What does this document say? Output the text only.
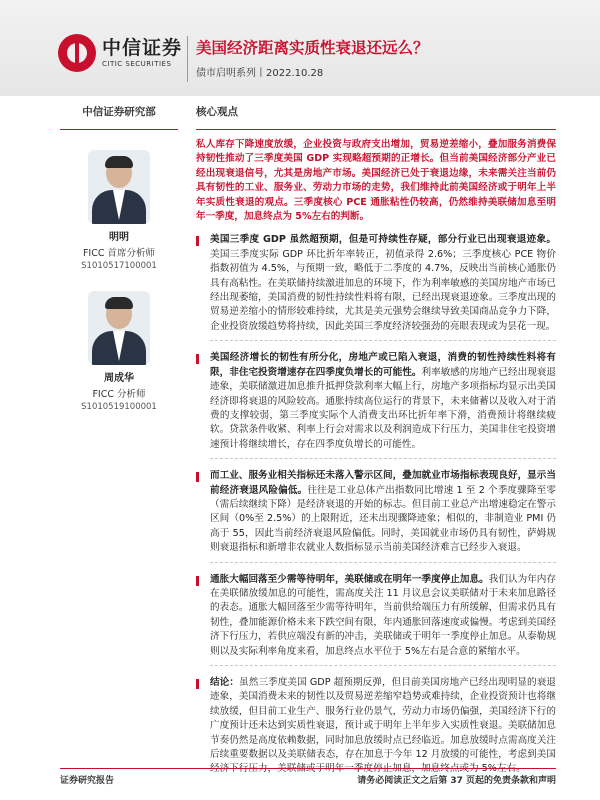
中信证券
CITIC SECURITIES
美国经济距离实质性衰退还远么？
债市启明系列丨2022.10.28
中信证券研究部
明明
FICC 首席分析师
S1010517100001
周成华
FICC 分析师
S1010519100001
核心观点
私人库存下降速度放缓，企业投资与政府支出增加，贸易逆差缩小，叠加服务消费保持韧性推动了三季度美国 GDP 实现略超预期的正增长。但当前美国经济部分产业已经出现衰退信号，尤其是房地产市场。美国经济已处于衰退边缘，未来需关注当前仍具有韧性的工业、服务业、劳动力市场的走势，我们维持此前美国经济或于明年上半年实质性衰退的观点。三季度核心 PCE 通胀粘性仍较高，仍然维持美联储加息至明年一季度，加息终点为 5%左右的判断。
美国三季度 GDP 虽然超预期，但是可持续性存疑，部分行业已出现衰退迹象。美国三季度实际 GDP 环比折年率转正，初值录得 2.6%；三季度核心 PCE 物价指数初值为 4.5%，与预期一致，略低于二季度的 4.7%，反映出当前核心通胀仍具有高粘性。在美联储持续激进加息的环境下，作为利率敏感的美国房地产市场已经出现萎缩，美国消费的韧性持续性料将有限，已经出现衰退迹象。三季度出现的贸易逆差缩小的情形较难持续，尤其是美元强势会继续导致美国商品竞争力下降，企业投资放缓趋势将持续，因此美国三季度经济较强劲的亮眼表现或为昙花一现。
美国经济增长的韧性有所分化，房地产或已陷入衰退，消费的韧性持续性料将有限，非住宅投资增速存在四季度负增长的可能性。利率敏感的房地产已经出现衰退迹象，美联储激进加息推升抵押贷款利率大幅上行，房地产多项指标均显示出美国经济即将衰退的风险较高。通胀持续高位运行的背景下，未来储蓄以及收入对于消费的支撑较弱，第三季度实际个人消费支出环比折年率下滑，消费预计将继续疲软。贷款条件收紧、利率上行会对需求以及利润造成下行压力，美国非住宅投资增速预计将继续增长，存在四季度负增长的可能性。
而工业、服务业相关指标还未落入警示区间，叠加就业市场指标表现良好，显示当前经济衰退风险偏低。往往是工业总体产出指数同比增速 1 至 2 个季度骤降至零（需后续继续下降）是经济衰退的开始的标志。但目前工业总产出增速稳定在警示区间（0%至 2.5%）的上限附近，还未出现骤降迹象；相似的，非制造业 PMI 仍高于 55，因此当前经济衰退风险偏低。同时，美国就业市场仍具有韧性，萨姆规则衰退指标和新增非农就业人数指标显示当前美国经济难言已经步入衰退。
通胀大幅回落至少需等待明年，美联储或在明年一季度停止加息。我们认为年内存在美联储放缓加息的可能性，需高度关注 11 月议息会议美联储对于未来加息路径的表态。通胀大幅回落至少需等待明年，当前供给端压力有所缓解，但需求仍具有韧性，叠加能源价格未来下跌空间有限，年内通胀回落速度或偏慢。考虑到美国经济下行压力，若供应端没有新的冲击，美联储或于明年一季度停止加息。从泰勒规则以及实际利率角度来看，加息终点水平位于 5%左右是合意的紧缩水平。
结论：虽然三季度美国 GDP 超预期反弹，但目前美国房地产已经出现明显的衰退迹象，美国消费未来的韧性以及贸易逆差缩窄趋势或难持续，企业投资预计也将继续放缓，但目前工业生产、服务行业仍景气，劳动力市场仍偏强，美国经济下行的广度预计还未达到实质性衰退，预计或于明年上半年步入实质性衰退。美联储加息节奏仍然是高度依赖数据，同时加息放缓时点已经临近。加息放缓时点需高度关注后续重要数据以及美联储表态，存在加息于今年 12 月放缓的可能性，考虑到美国经济下行压力，美联储或于明年一季度停止加息，加息终点或为 5%左右。
证券研究报告	请务必阅读正文之后第 37 页起的免责条款和声明
